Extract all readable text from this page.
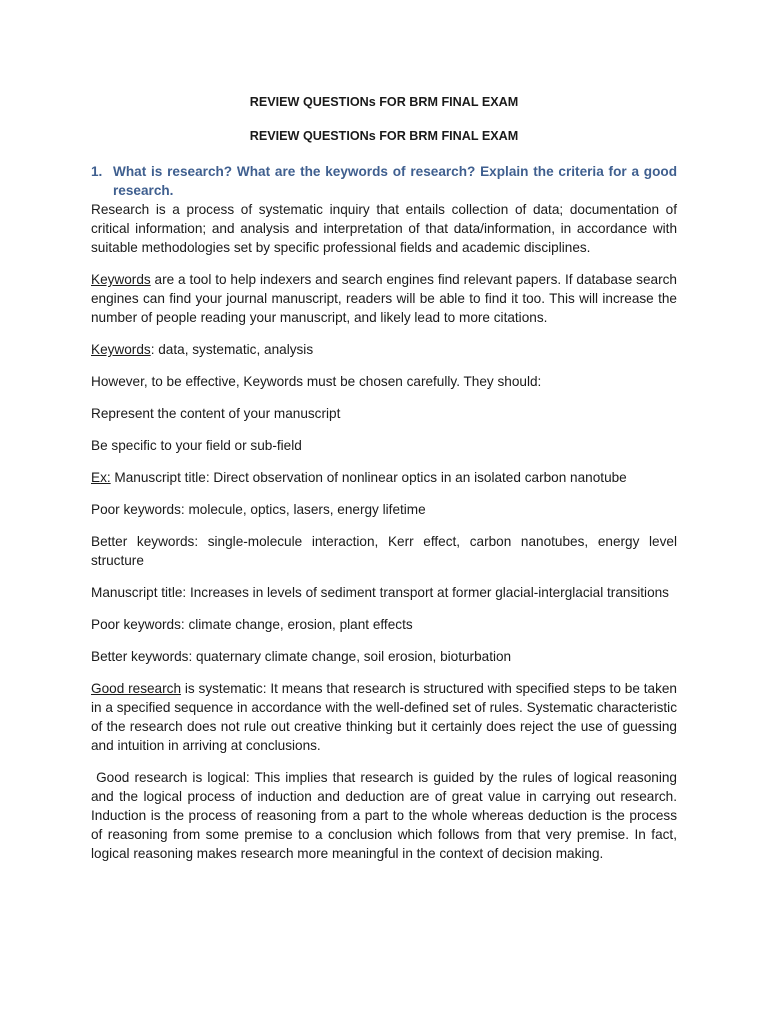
REVIEW QUESTIONs FOR BRM FINAL EXAM
REVIEW QUESTIONs FOR BRM FINAL EXAM
1. What is research? What are the keywords of research? Explain the criteria for a good research.

Research is a process of systematic inquiry that entails collection of data; documentation of critical information; and analysis and interpretation of that data/information, in accordance with suitable methodologies set by specific professional fields and academic disciplines.

Keywords are a tool to help indexers and search engines find relevant papers. If database search engines can find your journal manuscript, readers will be able to find it too. This will increase the number of people reading your manuscript, and likely lead to more citations.

Keywords: data, systematic, analysis

However, to be effective, Keywords must be chosen carefully. They should:

Represent the content of your manuscript

Be specific to your field or sub-field

Ex: Manuscript title: Direct observation of nonlinear optics in an isolated carbon nanotube

Poor keywords: molecule, optics, lasers, energy lifetime

Better keywords: single-molecule interaction, Kerr effect, carbon nanotubes, energy level structure

Manuscript title: Increases in levels of sediment transport at former glacial-interglacial transitions

Poor keywords: climate change, erosion, plant effects

Better keywords: quaternary climate change, soil erosion, bioturbation

Good research is systematic: It means that research is structured with specified steps to be taken in a specified sequence in accordance with the well-defined set of rules. Systematic characteristic of the research does not rule out creative thinking but it certainly does reject the use of guessing and intuition in arriving at conclusions.

Good research is logical: This implies that research is guided by the rules of logical reasoning and the logical process of induction and deduction are of great value in carrying out research. Induction is the process of reasoning from a part to the whole whereas deduction is the process of reasoning from some premise to a conclusion which follows from that very premise. In fact, logical reasoning makes research more meaningful in the context of decision making.
